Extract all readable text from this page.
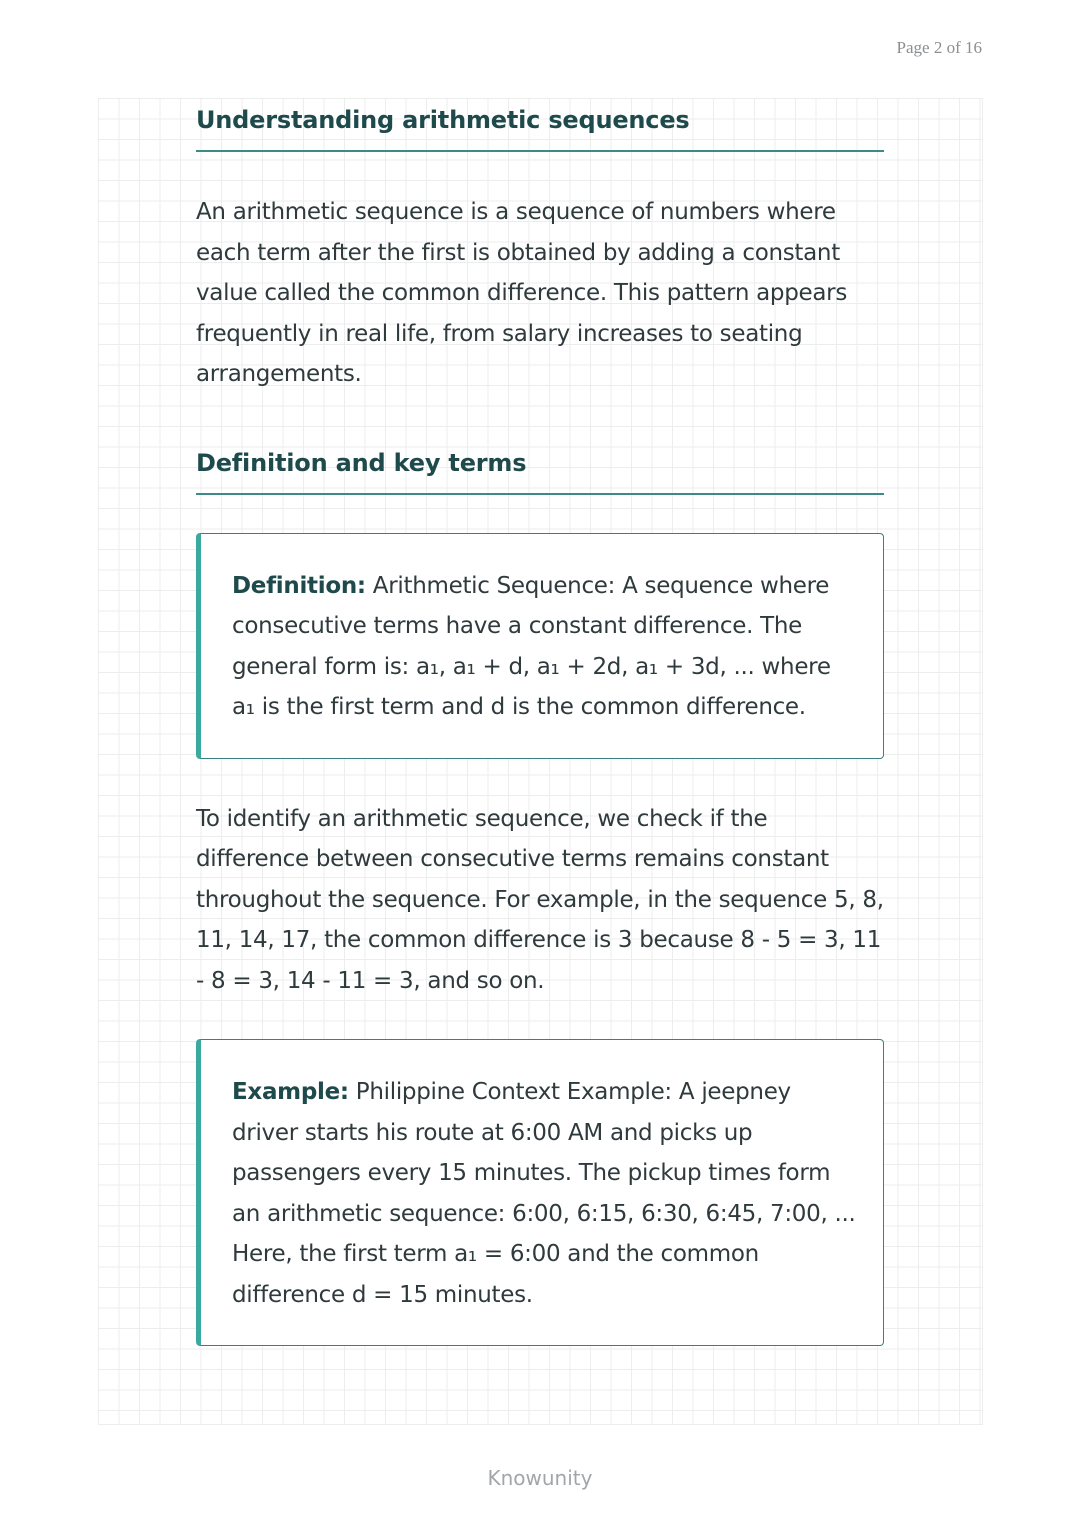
Page 2 of 16
Understanding arithmetic sequences

An arithmetic sequence is a sequence of numbers where each term after the first is obtained by adding a constant value called the common difference. This pattern appears frequently in real life, from salary increases to seating arrangements.

Definition and key terms

Definition: Arithmetic Sequence: A sequence where consecutive terms have a constant difference. The general form is: a₁, a₁ + d, a₁ + 2d, a₁ + 3d, ... where a₁ is the first term and d is the common difference.

To identify an arithmetic sequence, we check if the difference between consecutive terms remains constant throughout the sequence. For example, in the sequence 5, 8, 11, 14, 17, the common difference is 3 because 8 - 5 = 3, 11 - 8 = 3, 14 - 11 = 3, and so on.

Example: Philippine Context Example: A jeepney driver starts his route at 6:00 AM and picks up passengers every 15 minutes. The pickup times form an arithmetic sequence: 6:00, 6:15, 6:30, 6:45, 7:00, ... Here, the first term a₁ = 6:00 and the common difference d = 15 minutes.

Knowunity
